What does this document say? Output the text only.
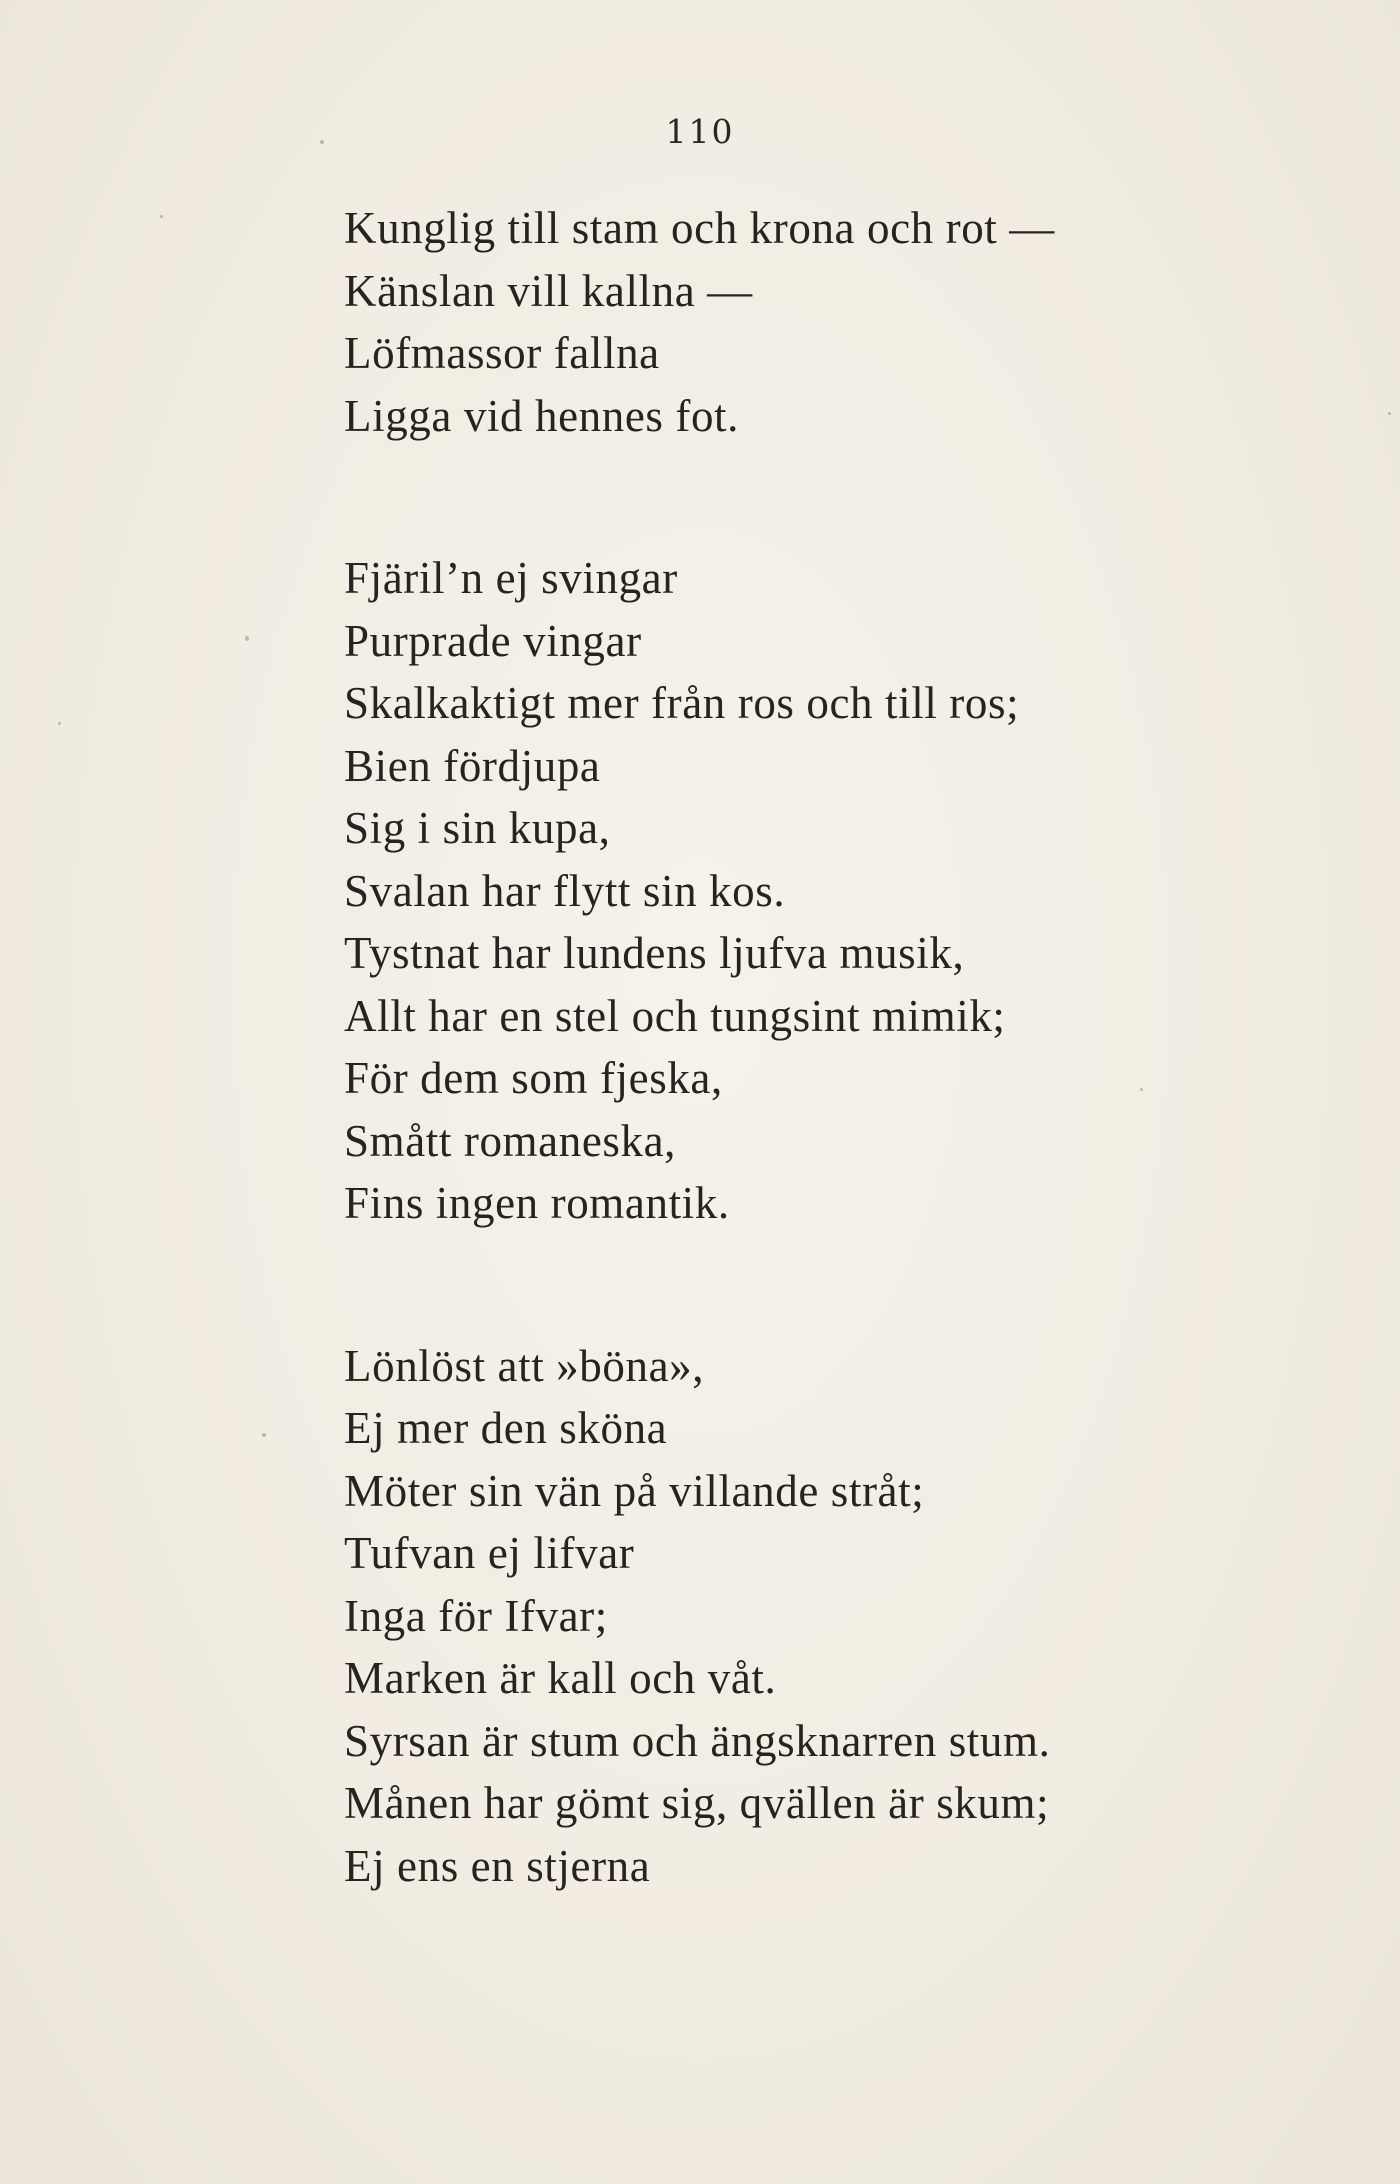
110
Kunglig till stam och krona och rot —
Känslan vill kallna —
Löfmassor fallna
Ligga vid hennes fot.
Fjäril’n ej svingar
Purprade vingar
Skalkaktigt mer från ros och till ros;
Bien fördjupa
Sig i sin kupa,
Svalan har flytt sin kos.
Tystnat har lundens ljufva musik,
Allt har en stel och tungsint mimik;
För dem som fjeska,
Smått romaneska,
Fins ingen romantik.
Lönlöst att »böna»,
Ej mer den sköna
Möter sin vän på villande stråt;
Tufvan ej lifvar
Inga för Ifvar;
Marken är kall och våt.
Syrsan är stum och ängsknarren stum.
Månen har gömt sig, qvällen är skum;
Ej ens en stjerna
